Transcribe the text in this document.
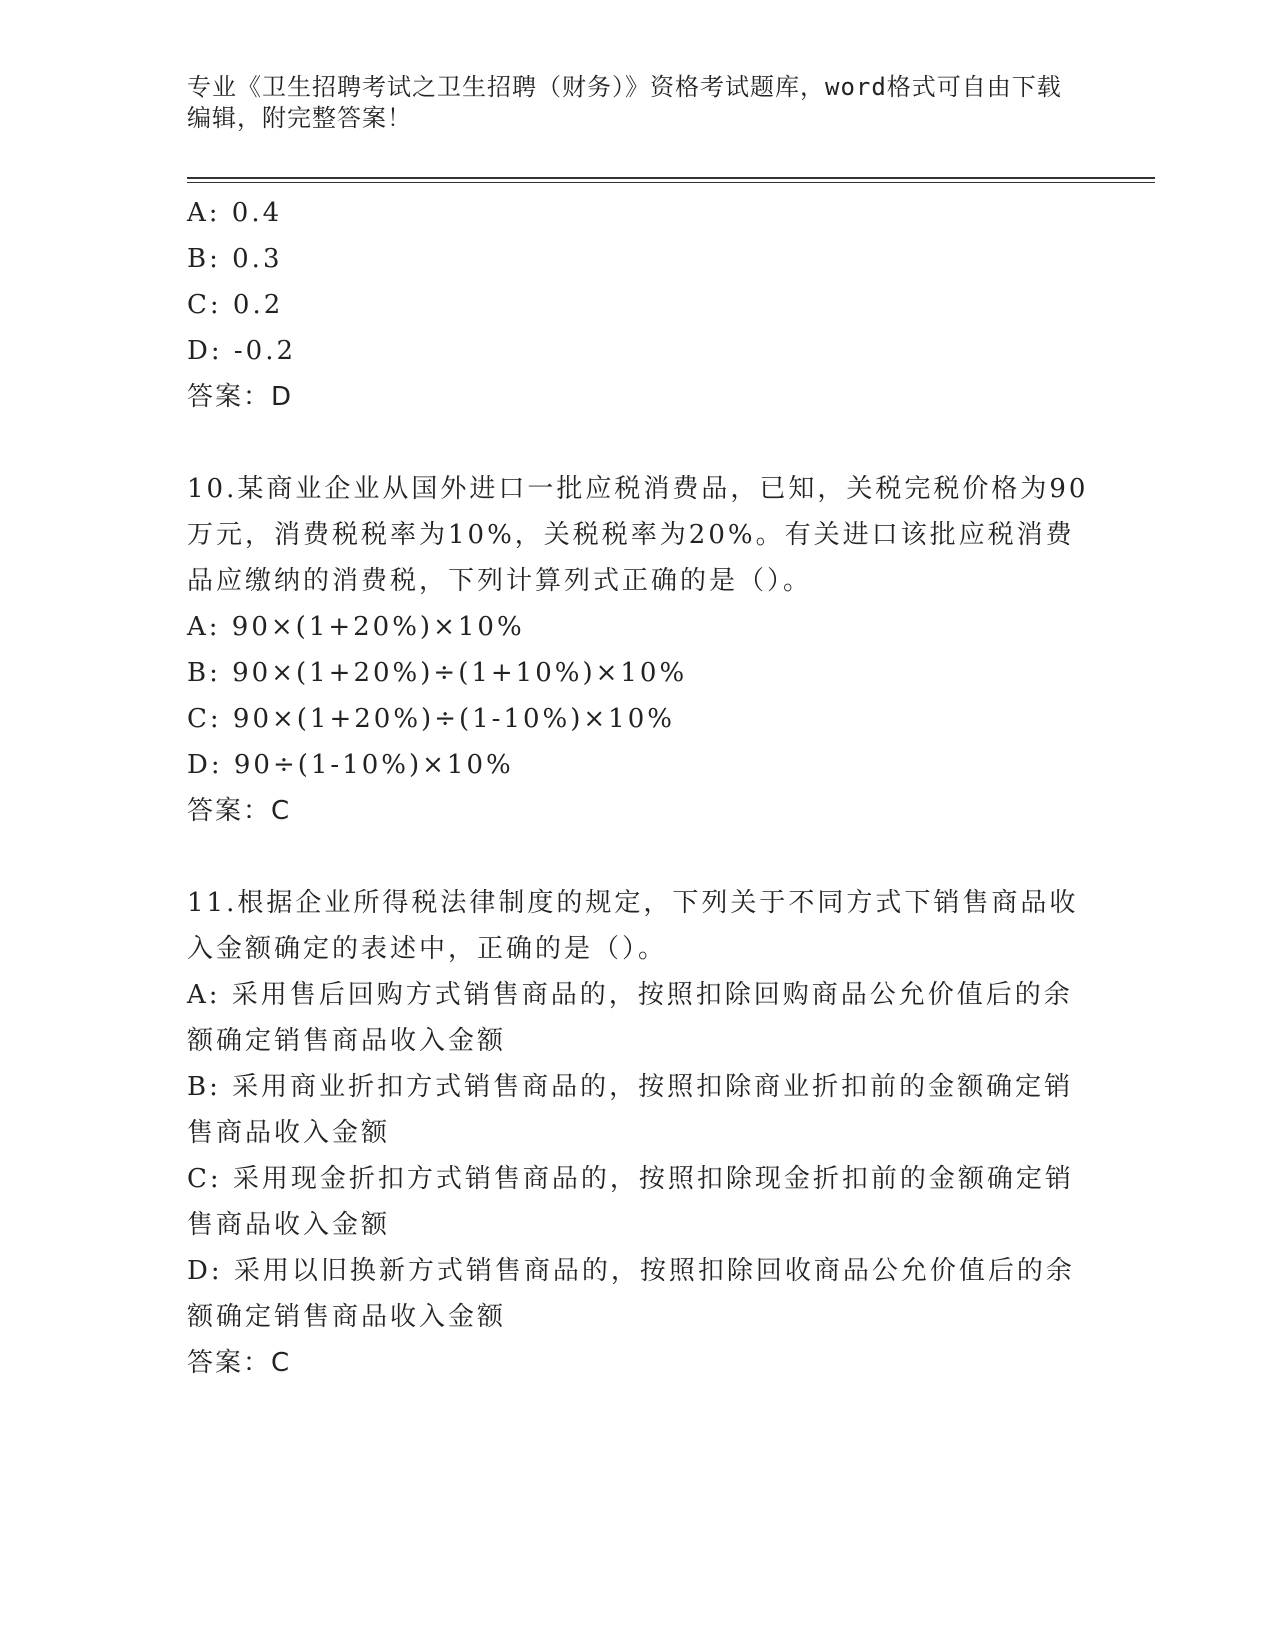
专业《卫生招聘考试之卫生招聘（财务）》资格考试题库，word格式可自由下载
编辑，附完整答案！
A: 0.4
B: 0.3
C: 0.2
D: -0.2
答案：D
10.某商业企业从国外进口一批应税消费品，已知，关税完税价格为90
万元，消费税税率为10%，关税税率为20%。有关进口该批应税消费
品应缴纳的消费税，下列计算列式正确的是（）。
A: 90×(1+20%)×10%
B: 90×(1+20%)÷(1+10%)×10%
C: 90×(1+20%)÷(1-10%)×10%
D: 90÷(1-10%)×10%
答案：C
11.根据企业所得税法律制度的规定，下列关于不同方式下销售商品收
入金额确定的表述中，正确的是（）。
A: 采用售后回购方式销售商品的，按照扣除回购商品公允价值后的余
额确定销售商品收入金额
B: 采用商业折扣方式销售商品的，按照扣除商业折扣前的金额确定销
售商品收入金额
C: 采用现金折扣方式销售商品的，按照扣除现金折扣前的金额确定销
售商品收入金额
D: 采用以旧换新方式销售商品的，按照扣除回收商品公允价值后的余
额确定销售商品收入金额
答案：C
